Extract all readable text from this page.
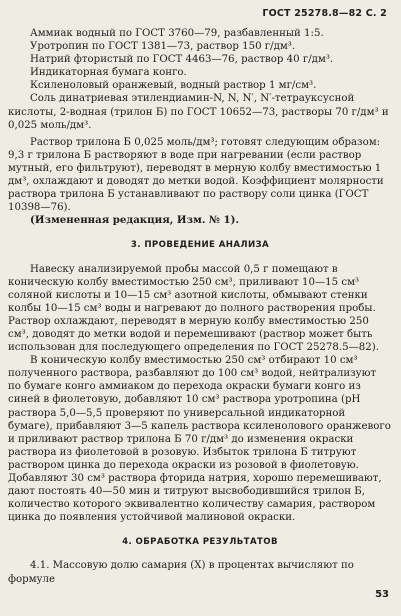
ГОСТ 25278.8—82 С. 2

Аммиак водный по ГОСТ 3760—79, разбавленный 1:5.

Уротропин по ГОСТ 1381—73, раствор 150 г/дм³.

Натрий фтористый по ГОСТ 4463—76, раствор 40 г/дм³.

Индикаторная бумага конго.

Ксиленоловый оранжевый, водный раствор 1 мг/см³.

Соль динатриевая этилендиамин-N, N, N′, N′-тетрауксусной кислоты, 2-водная (трилон Б) по ГОСТ 10652—73, растворы 70 г/дм³ и 0,025 моль/дм³.

Раствор трилона Б 0,025 моль/дм³; готовят следующим образом: 9,3 г трилона Б растворяют в воде при нагревании (если раствор мутный, его фильтруют), переводят в мерную колбу вместимостью 1 дм³, охлаждают и доводят до метки водой. Коэффициент молярности раствора трилона Б устанавливают по раствору соли цинка (ГОСТ 10398—76).

(Измененная редакция, Изм. № 1).

3. ПРОВЕДЕНИЕ АНАЛИЗА

Навеску анализируемой пробы массой 0,5 г помещают в коническую колбу вместимостью 250 см³, приливают 10—15 см³ соляной кислоты и 10—15 см³ азотной кислоты, обмывают стенки колбы 10—15 см³ воды и нагревают до полного растворения пробы. Раствор охлаждают, переводят в мерную колбу вместимостью 250 см³, доводят до метки водой и перемешивают (раствор может быть использован для последующего определения по ГОСТ 25278.5—82).

В коническую колбу вместимостью 250 см³ отбирают 10 см³ полученного раствора, разбавляют до 100 см³ водой, нейтрализуют по бумаге конго аммиаком до перехода окраски бумаги конго из синей в фиолетовую, добавляют 10 см³ раствора уротропина (pH раствора 5,0—5,5 проверяют по универсальной индикаторной бумаге), прибавляют 3—5 капель раствора ксиленолового оранжевого и приливают раствор трилона Б 70 г/дм³ до изменения окраски раствора из фиолетовой в розовую. Избыток трилона Б титруют раствором цинка до перехода окраски из розовой в фиолетовую. Добавляют 30 см³ раствора фторида натрия, хорошо перемешивают, дают постоять 40—50 мин и титруют высвободившийся трилон Б, количество которого эквивалентно количеству самария, раствором цинка до появления устойчивой малиновой окраски.

4. ОБРАБОТКА РЕЗУЛЬТАТОВ

4.1. Массовую долю самария (X) в процентах вычисляют по формуле

53
